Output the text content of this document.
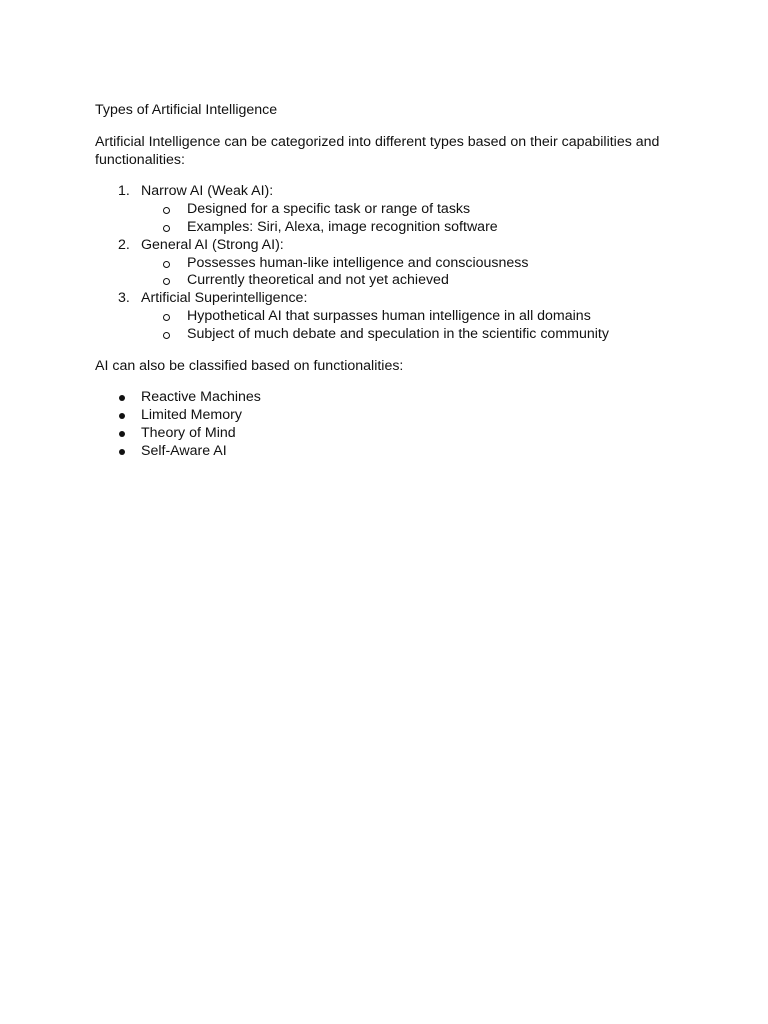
Types of Artificial Intelligence

Artificial Intelligence can be categorized into different types based on their capabilities and functionalities:

1. Narrow AI (Weak AI):
Designed for a specific task or range of tasks
Examples: Siri, Alexa, image recognition software
2. General AI (Strong AI):
Possesses human-like intelligence and consciousness
Currently theoretical and not yet achieved
3. Artificial Superintelligence:
Hypothetical AI that surpasses human intelligence in all domains
Subject of much debate and speculation in the scientific community

AI can also be classified based on functionalities:

Reactive Machines
Limited Memory
Theory of Mind
Self-Aware AI
